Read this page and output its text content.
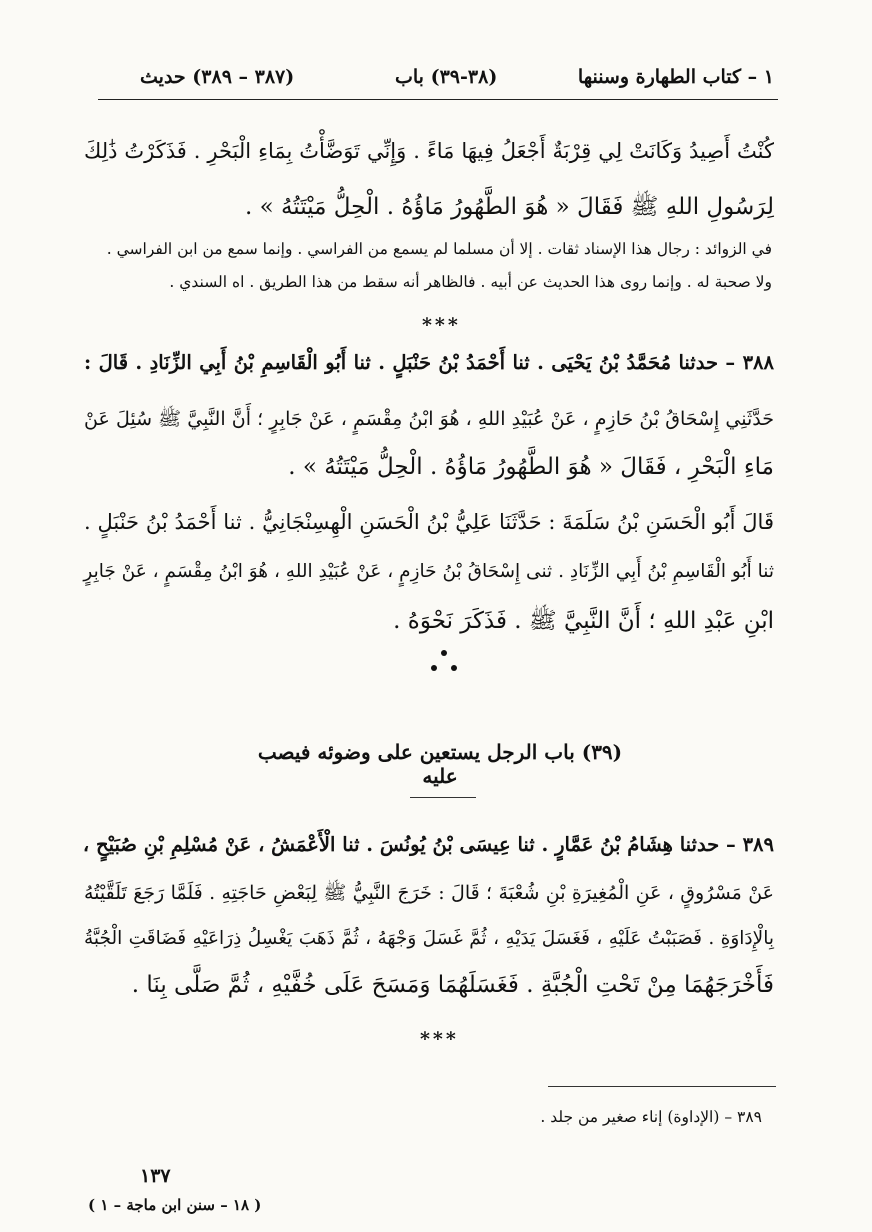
١ – كتاب الطهارة وسننها
(٣٨-٣٩) باب
(٣٨٧ – ٣٨٩) حديث
كُنْتُ أَصِيدُ وَكَانَتْ لِي قِرْبَةٌ أَجْعَلُ فِيهَا مَاءً . وَإِنِّي تَوَضَّأْتُ بِمَاءِ الْبَحْرِ . فَذَكَرْتُ ذَٰلِكَ
لِرَسُولِ اللهِ ﷺ فَقَالَ « هُوَ الطَّهُورُ مَاؤُهُ . الْحِلُّ مَيْتَتُهُ » .
في الزوائد : رجال هذا الإسناد ثقات . إلا أن مسلما لم يسمع من الفراسي . وإنما سمع من ابن الفراسي .
ولا صحبة له . وإنما روى هذا الحديث عن أبيه . فالظاهر أنه سقط من هذا الطريق . اه السندي .
***
٣٨٨ – حدثنا مُحَمَّدُ بْنُ يَحْيَى . ثنا أَحْمَدُ بْنُ حَنْبَلٍ . ثنا أَبُو الْقَاسِمِ بْنُ أَبِي الزِّنَادِ . قَالَ :
حَدَّثَنِي إِسْحَاقُ بْنُ حَازِمٍ ، عَنْ عُبَيْدِ اللهِ ، هُوَ ابْنُ مِقْسَمٍ ، عَنْ جَابِرٍ ؛ أَنَّ النَّبِيَّ ﷺ سُئِلَ عَنْ
مَاءِ الْبَحْرِ ، فَقَالَ « هُوَ الطَّهُورُ مَاؤُهُ . الْحِلُّ مَيْتَتُهُ » .
قَالَ أَبُو الْحَسَنِ بْنُ سَلَمَةَ : حَدَّثَنَا عَلِيُّ بْنُ الْحَسَنِ الْهِسِنْجَانِيُّ . ثنا أَحْمَدُ بْنُ حَنْبَلٍ .
ثنا أَبُو الْقَاسِمِ بْنُ أَبِي الزِّنَادِ . ثنى إِسْحَاقُ بْنُ حَازِمٍ ، عَنْ عُبَيْدِ اللهِ ، هُوَ ابْنُ مِقْسَمٍ ، عَنْ جَابِرٍ
ابْنِ عَبْدِ اللهِ ؛ أَنَّ النَّبِيَّ ﷺ . فَذَكَرَ نَحْوَهُ .
(٣٩) باب الرجل يستعين على وضوئه فيصب عليه
٣٨٩ – حدثنا هِشَامُ بْنُ عَمَّارٍ . ثنا عِيسَى بْنُ يُونُسَ . ثنا الْأَعْمَشُ ، عَنْ مُسْلِمِ بْنِ صُبَيْحٍ ،
عَنْ مَسْرُوقٍ ، عَنِ الْمُغِيرَةِ بْنِ شُعْبَةَ ؛ قَالَ : خَرَجَ النَّبِيُّ ﷺ لِبَعْضِ حَاجَتِهِ . فَلَمَّا رَجَعَ تَلَقَّيْتُهُ
بِالْإِدَاوَةِ . فَصَبَبْتُ عَلَيْهِ ، فَغَسَلَ يَدَيْهِ ، ثُمَّ غَسَلَ وَجْهَهُ ، ثُمَّ ذَهَبَ يَغْسِلُ ذِرَاعَيْهِ فَضَاقَتِ الْجُبَّةُ
فَأَخْرَجَهُمَا مِنْ تَحْتِ الْجُبَّةِ . فَغَسَلَهُمَا وَمَسَحَ عَلَى خُفَّيْهِ ، ثُمَّ صَلَّى بِنَا .
***
٣٨٩ – (الإداوة) إناء صغير من جلد .
١٣٧
( ١٨ – سنن ابن ماجة – ١ )
